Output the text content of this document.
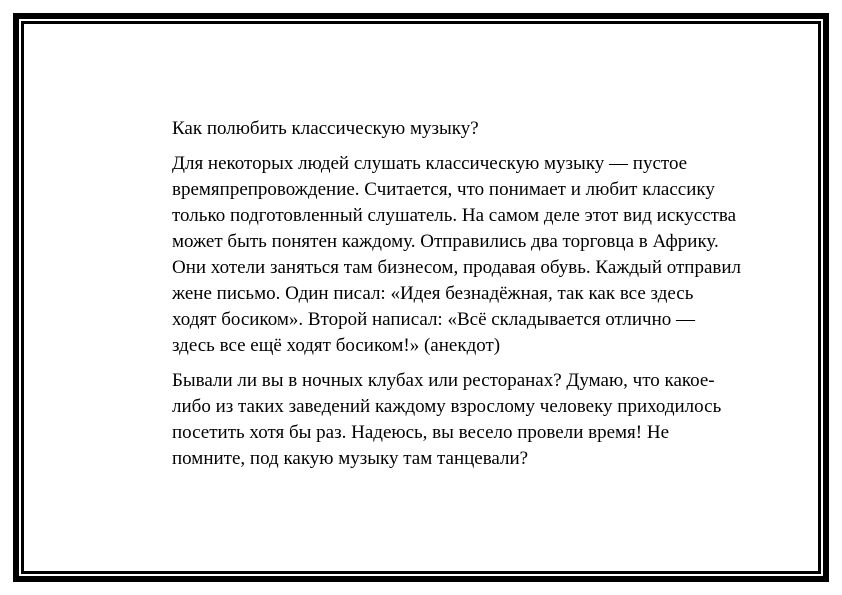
Как полюбить классическую музыку?

Для некоторых людей слушать классическую музыку — пустое времяпрепровождение. Считается, что понимает и любит классику только подготовленный слушатель. На самом деле этот вид искусства может быть понятен каждому. Отправились два торговца в Африку. Они хотели заняться там бизнесом, продавая обувь. Каждый отправил жене письмо. Один писал: «Идея безнадёжная, так как все здесь ходят босиком». Второй написал: «Всё складывается отлично — здесь все ещё ходят босиком!» (анекдот)

Бывали ли вы в ночных клубах или ресторанах? Думаю, что какое-либо из таких заведений каждому взрослому человеку приходилось посетить хотя бы раз. Надеюсь, вы весело провели время! Не помните, под какую музыку там танцевали?
